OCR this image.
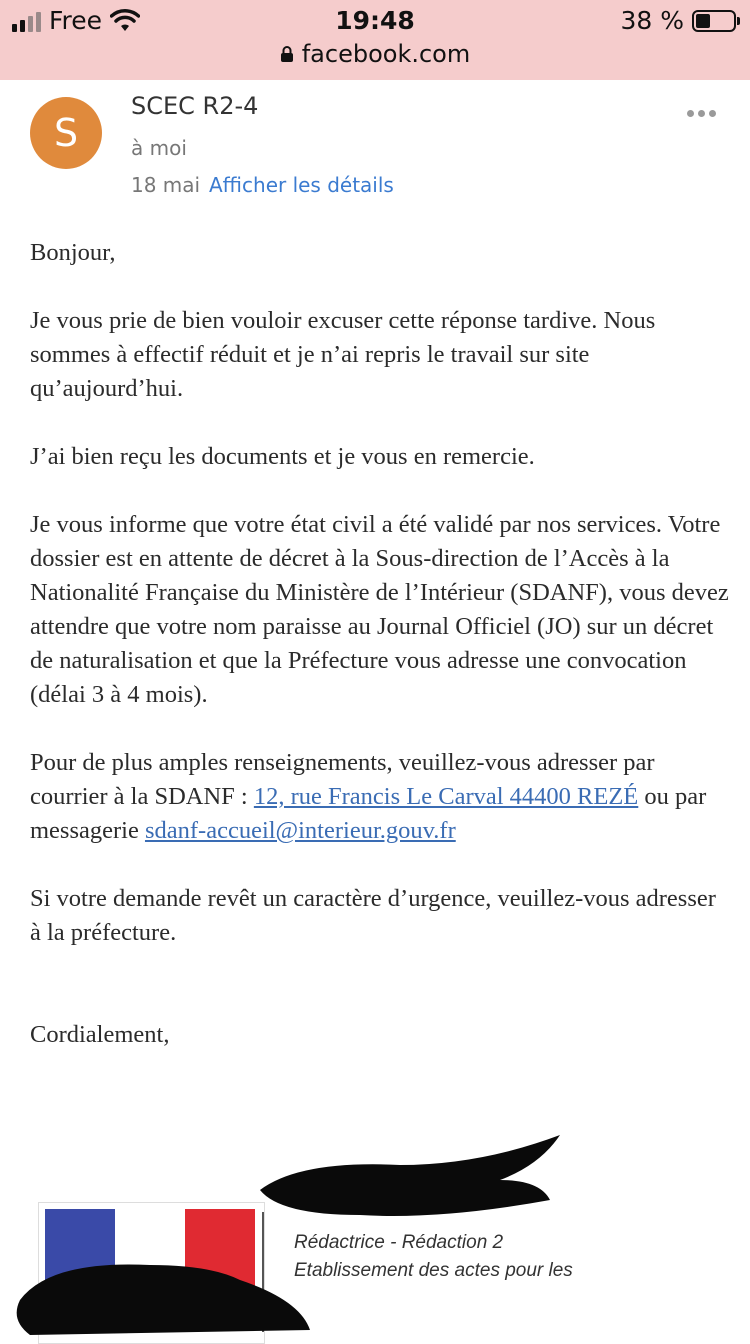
Free	19:48	38 %
facebook.com
S
SCEC R2-4
à moi
18 mai Afficher les détails

Bonjour,

Je vous prie de bien vouloir excuser cette réponse tardive. Nous sommes à effectif réduit et je n’ai repris le travail sur site qu’aujourd’hui.

J’ai bien reçu les documents et je vous en remercie.

Je vous informe que votre état civil a été validé par nos services. Votre dossier est en attente de décret à la Sous-direction de l’Accès à la Nationalité Française du Ministère de l’Intérieur (SDANF), vous devez attendre que votre nom paraisse au Journal Officiel (JO) sur un décret de naturalisation et que la Préfecture vous adresse une convocation (délai 3 à 4 mois).

Pour de plus amples renseignements, veuillez-vous adresser par courrier à la SDANF : 12, rue Francis Le Carval 44400 REZÉ ou par messagerie sdanf-accueil@interieur.gouv.fr

Si votre demande revêt un caractère d’urgence, veuillez-vous adresser à la préfecture.

Cordialement,

Rédactrice - Rédaction 2
Etablissement des actes pour les
